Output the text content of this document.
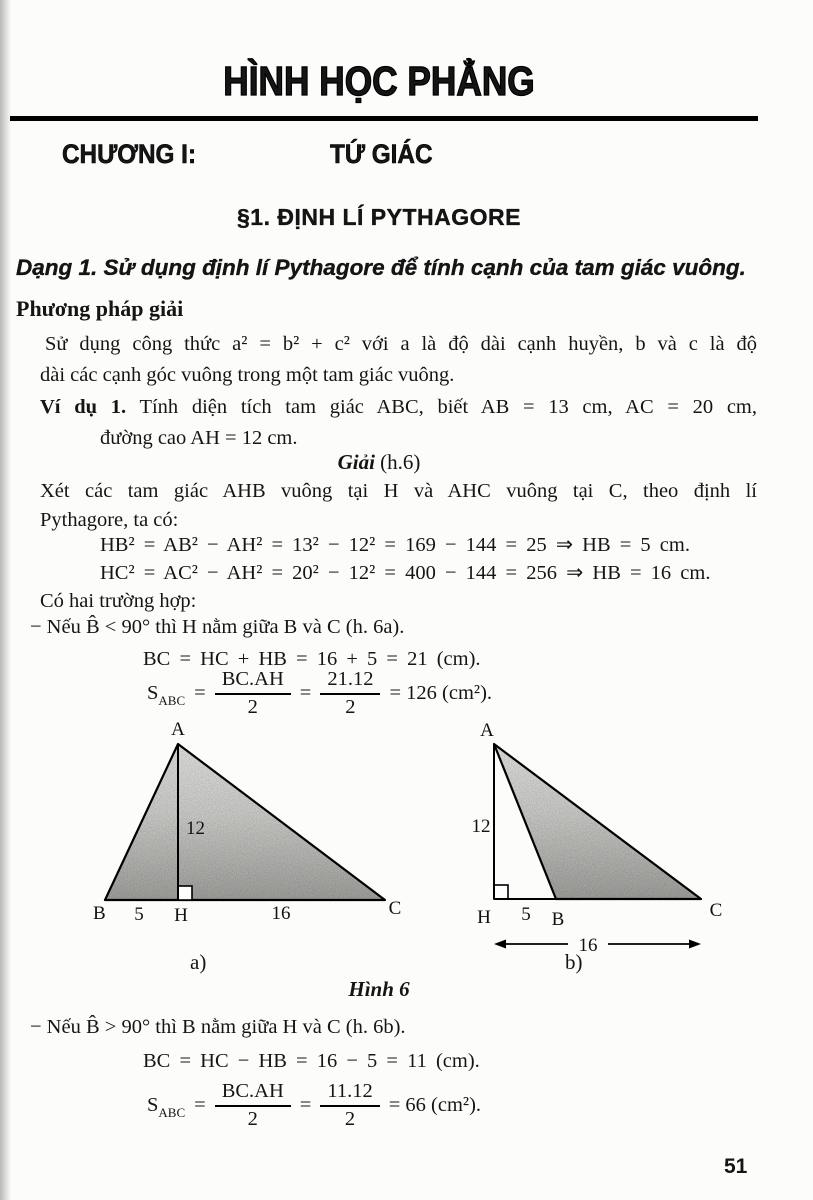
HÌNH HỌC PHẲNG
CHƯƠNG I:	TỨ GIÁC
§1. ĐỊNH LÍ PYTHAGORE
Dạng 1. Sử dụng định lí Pythagore để tính cạnh của tam giác vuông.
Phương pháp giải
Sử dụng công thức a² = b² + c² với a là độ dài cạnh huyền, b và c là độ
dài các cạnh góc vuông trong một tam giác vuông.
Ví dụ 1. Tính diện tích tam giác ABC, biết AB = 13 cm, AC = 20 cm,
đường cao AH = 12 cm.
Giải (h.6)
Xét các tam giác AHB vuông tại H và AHC vuông tại C, theo định lí
Pythagore, ta có:
HB² = AB² − AH² = 13² − 12² = 169 − 144 = 25 ⇒ HB = 5 cm.
HC² = AC² − AH² = 20² − 12² = 400 − 144 = 256 ⇒ HB = 16 cm.
Có hai trường hợp:
− Nếu B̂ < 90° thì H nằm giữa B và C (h. 6a).
BC = HC + HB = 16 + 5 = 21 (cm).
$S_{ABC} = \frac{BC.AH}{2} = \frac{21.12}{2} = 126$ (cm²).
A
B	H	C
5	16
12
A
H	B	C
5
12
16
a)	b)
Hình 6
− Nếu B̂ > 90° thì B nằm giữa H và C (h. 6b).
BC = HC − HB = 16 − 5 = 11 (cm).
$S_{ABC} = \frac{BC.AH}{2} = \frac{11.12}{2} = 66$ (cm²).
51
